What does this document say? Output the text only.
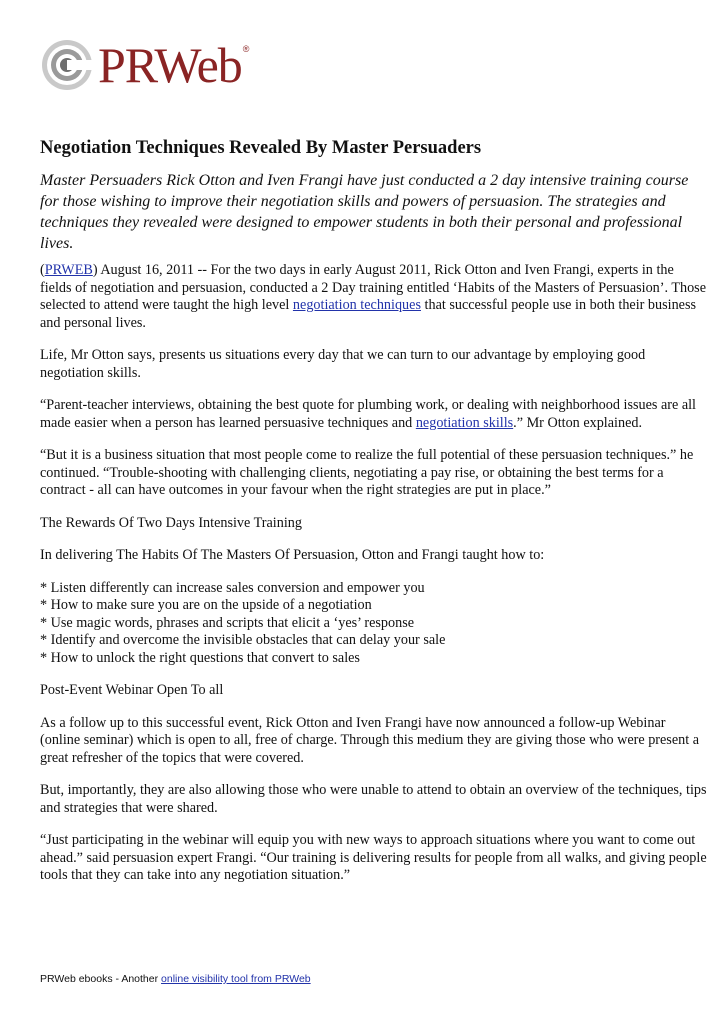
PRWeb ®
Negotiation Techniques Revealed By Master Persuaders
Master Persuaders Rick Otton and Iven Frangi have just conducted a 2 day intensive training course for those wishing to improve their negotiation skills and powers of persuasion. The strategies and techniques they revealed were designed to empower students in both their personal and professional lives.

(PRWEB) August 16, 2011 -- For the two days in early August 2011, Rick Otton and Iven Frangi, experts in the fields of negotiation and persuasion, conducted a 2 Day training entitled ‘Habits of the Masters of Persuasion’. Those selected to attend were taught the high level negotiation techniques that successful people use in both their business and personal lives.

Life, Mr Otton says, presents us situations every day that we can turn to our advantage by employing good negotiation skills.

“Parent-teacher interviews, obtaining the best quote for plumbing work, or dealing with neighborhood issues are all made easier when a person has learned persuasive techniques and negotiation skills.” Mr Otton explained.

“But it is a business situation that most people come to realize the full potential of these persuasion techniques.” he continued. “Trouble-shooting with challenging clients, negotiating a pay rise, or obtaining the best terms for a contract - all can have outcomes in your favour when the right strategies are put in place.”

The Rewards Of Two Days Intensive Training

In delivering The Habits Of The Masters Of Persuasion, Otton and Frangi taught how to:

* Listen differently can increase sales conversion and empower you
* How to make sure you are on the upside of a negotiation
* Use magic words, phrases and scripts that elicit a ‘yes’ response
* Identify and overcome the invisible obstacles that can delay your sale
* How to unlock the right questions that convert to sales

Post-Event Webinar Open To all

As a follow up to this successful event, Rick Otton and Iven Frangi have now announced a follow-up Webinar (online seminar) which is open to all, free of charge. Through this medium they are giving those who were present a great refresher of the topics that were covered.

But, importantly, they are also allowing those who were unable to attend to obtain an overview of the techniques, tips and strategies that were shared.

“Just participating in the webinar will equip you with new ways to approach situations where you want to come out ahead.” said persuasion expert Frangi. “Our training is delivering results for people from all walks, and giving people tools that they can take into any negotiation situation.”

PRWeb ebooks - Another online visibility tool from PRWeb
